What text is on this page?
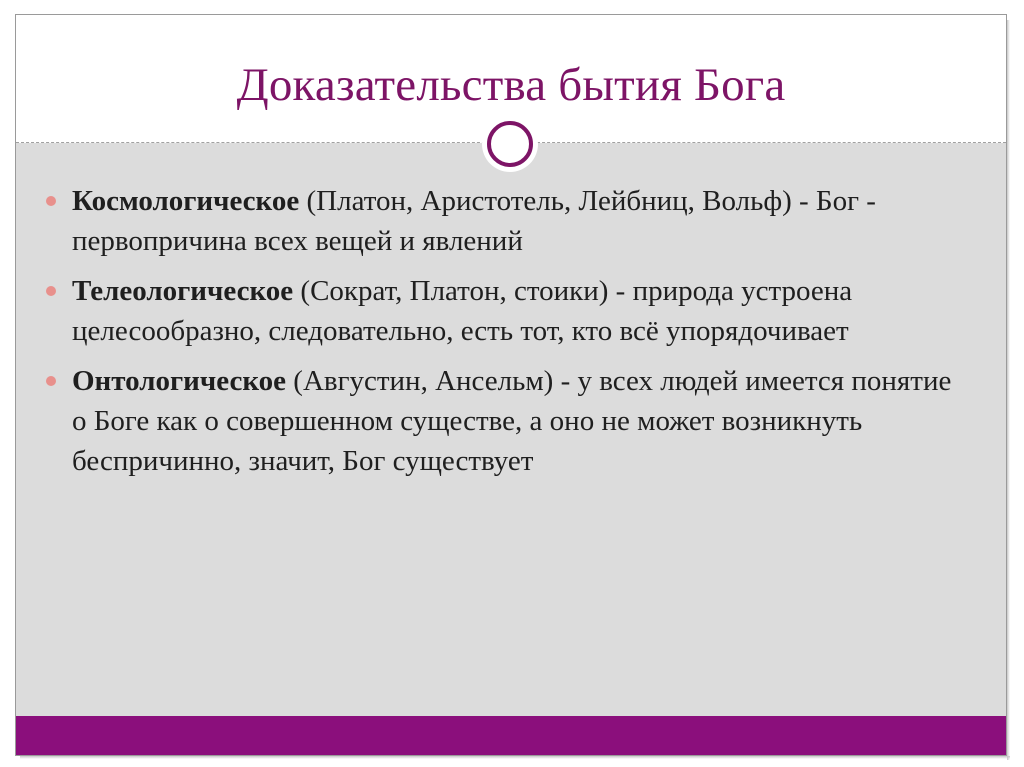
Доказательства бытия Бога
Космологическое (Платон, Аристотель, Лейбниц, Вольф) - Бог - первопричина всех вещей и явлений
Телеологическое (Сократ, Платон, стоики) - природа устроена целесообразно, следовательно, есть тот, кто всё упорядочивает
Онтологическое (Августин, Ансельм) - у всех людей имеется понятие о Боге как о совершенном существе, а оно не может возникнуть беспричинно, значит, Бог существует
